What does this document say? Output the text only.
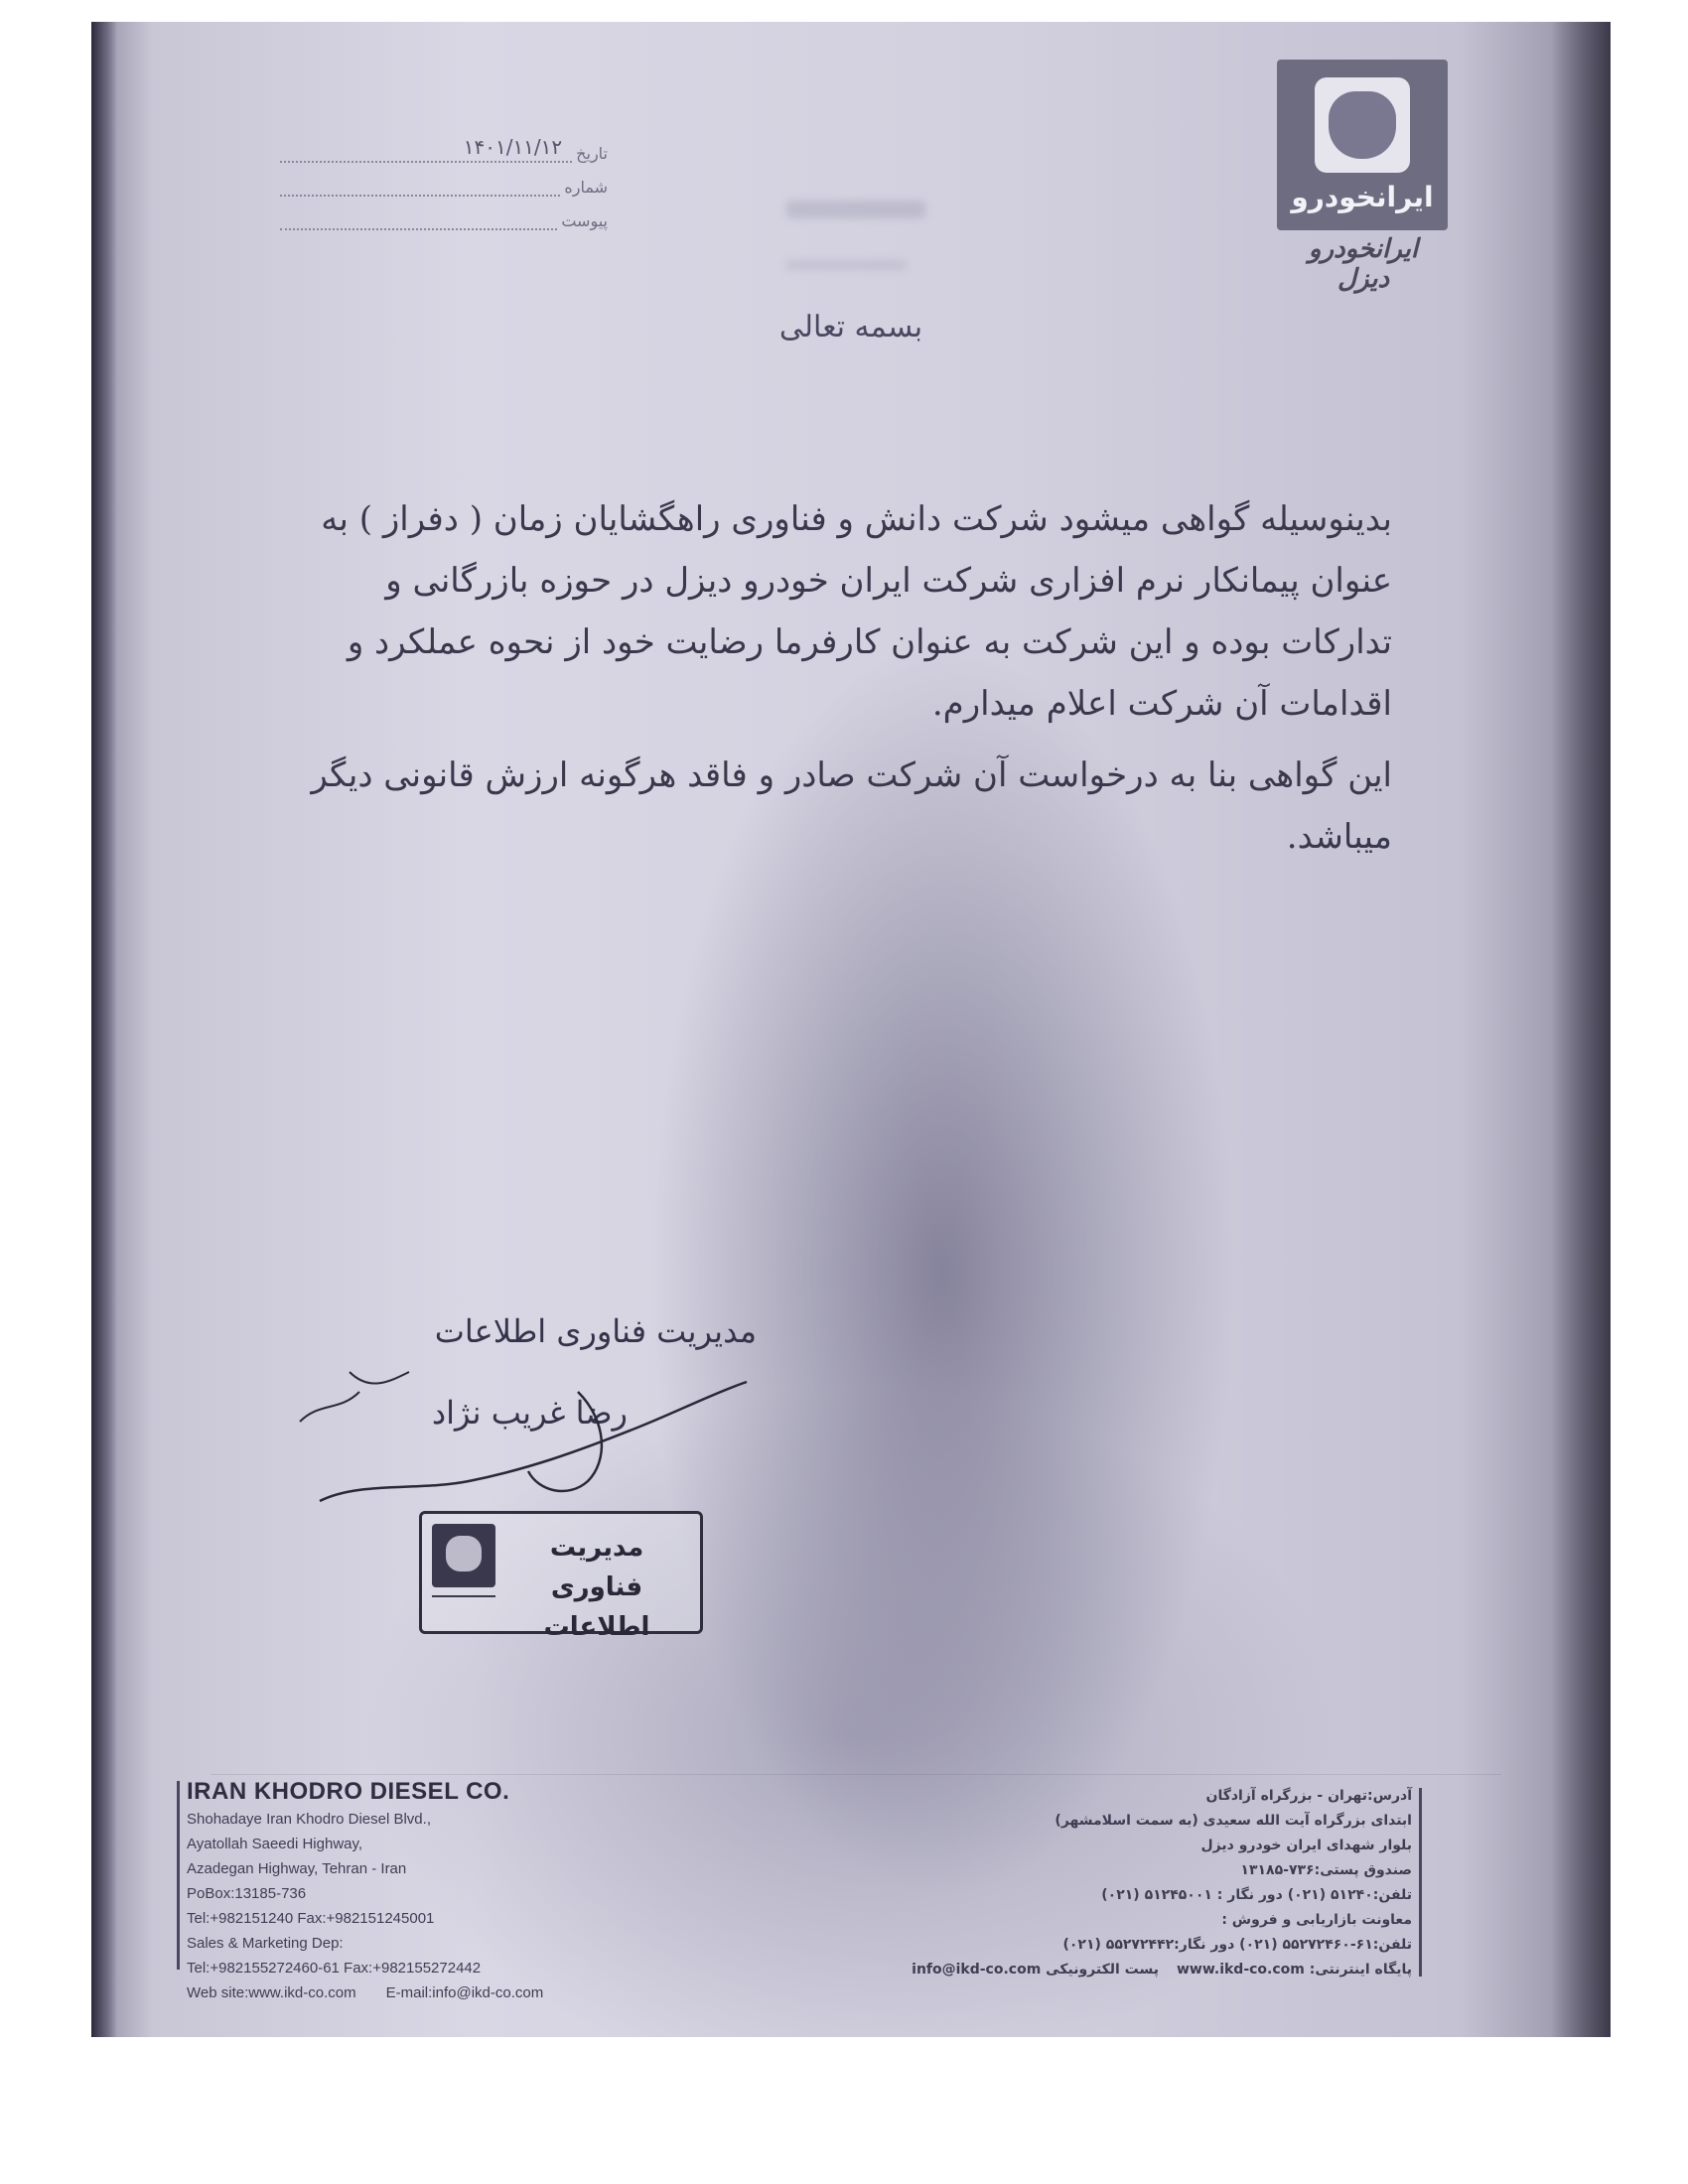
ایرانخودرو
ایرانخودرو دیزل
تاریخ
۱۴۰۱/۱۱/۱۲
شماره
پیوست
بسمه تعالی

بدینوسیله گواهی میشود شرکت دانش و فناوری راهگشایان زمان ( دفراز ) به عنوان پیمانکار نرم افزاری شرکت ایران خودرو دیزل در حوزه بازرگانی و تدارکات بوده و این شرکت به عنوان کارفرما رضایت خود از نحوه عملکرد و اقدامات آن شرکت اعلام میدارم.

این گواهی بنا به درخواست آن شرکت صادر و فاقد هرگونه ارزش قانونی دیگر میباشد.

مدیریت فناوری اطلاعات
رضا غریب نژاد
مدیریت
فناوری اطلاعات
IRAN KHODRO DIESEL CO.
Shohadaye Iran Khodro Diesel Blvd.,
Ayatollah Saeedi Highway,
Azadegan Highway, Tehran - Iran
PoBox:13185-736
Tel:+982151240 Fax:+982151245001
Sales & Marketing Dep:
Tel:+982155272460-61 Fax:+982155272442
Web site:www.ikd-co.com E-mail:info@ikd-co.com
آدرس:تهران - بزرگراه آزادگان
ابتدای بزرگراه آیت الله سعیدی (به سمت اسلامشهر)
بلوار شهدای ایران خودرو دیزل
صندوق پستی:۷۳۶-۱۳۱۸۵
تلفن:۵۱۲۴۰ (۰۲۱) دور نگار : ۵۱۲۴۵۰۰۱ (۰۲۱)
معاونت بازاریابی و فروش :
تلفن:۶۱-۵۵۲۷۲۴۶۰ (۰۲۱) دور نگار:۵۵۲۷۲۴۴۲ (۰۲۱)
پایگاه اینترنتی: www.ikd-co.com
پست الکترونیکی info@ikd-co.com
